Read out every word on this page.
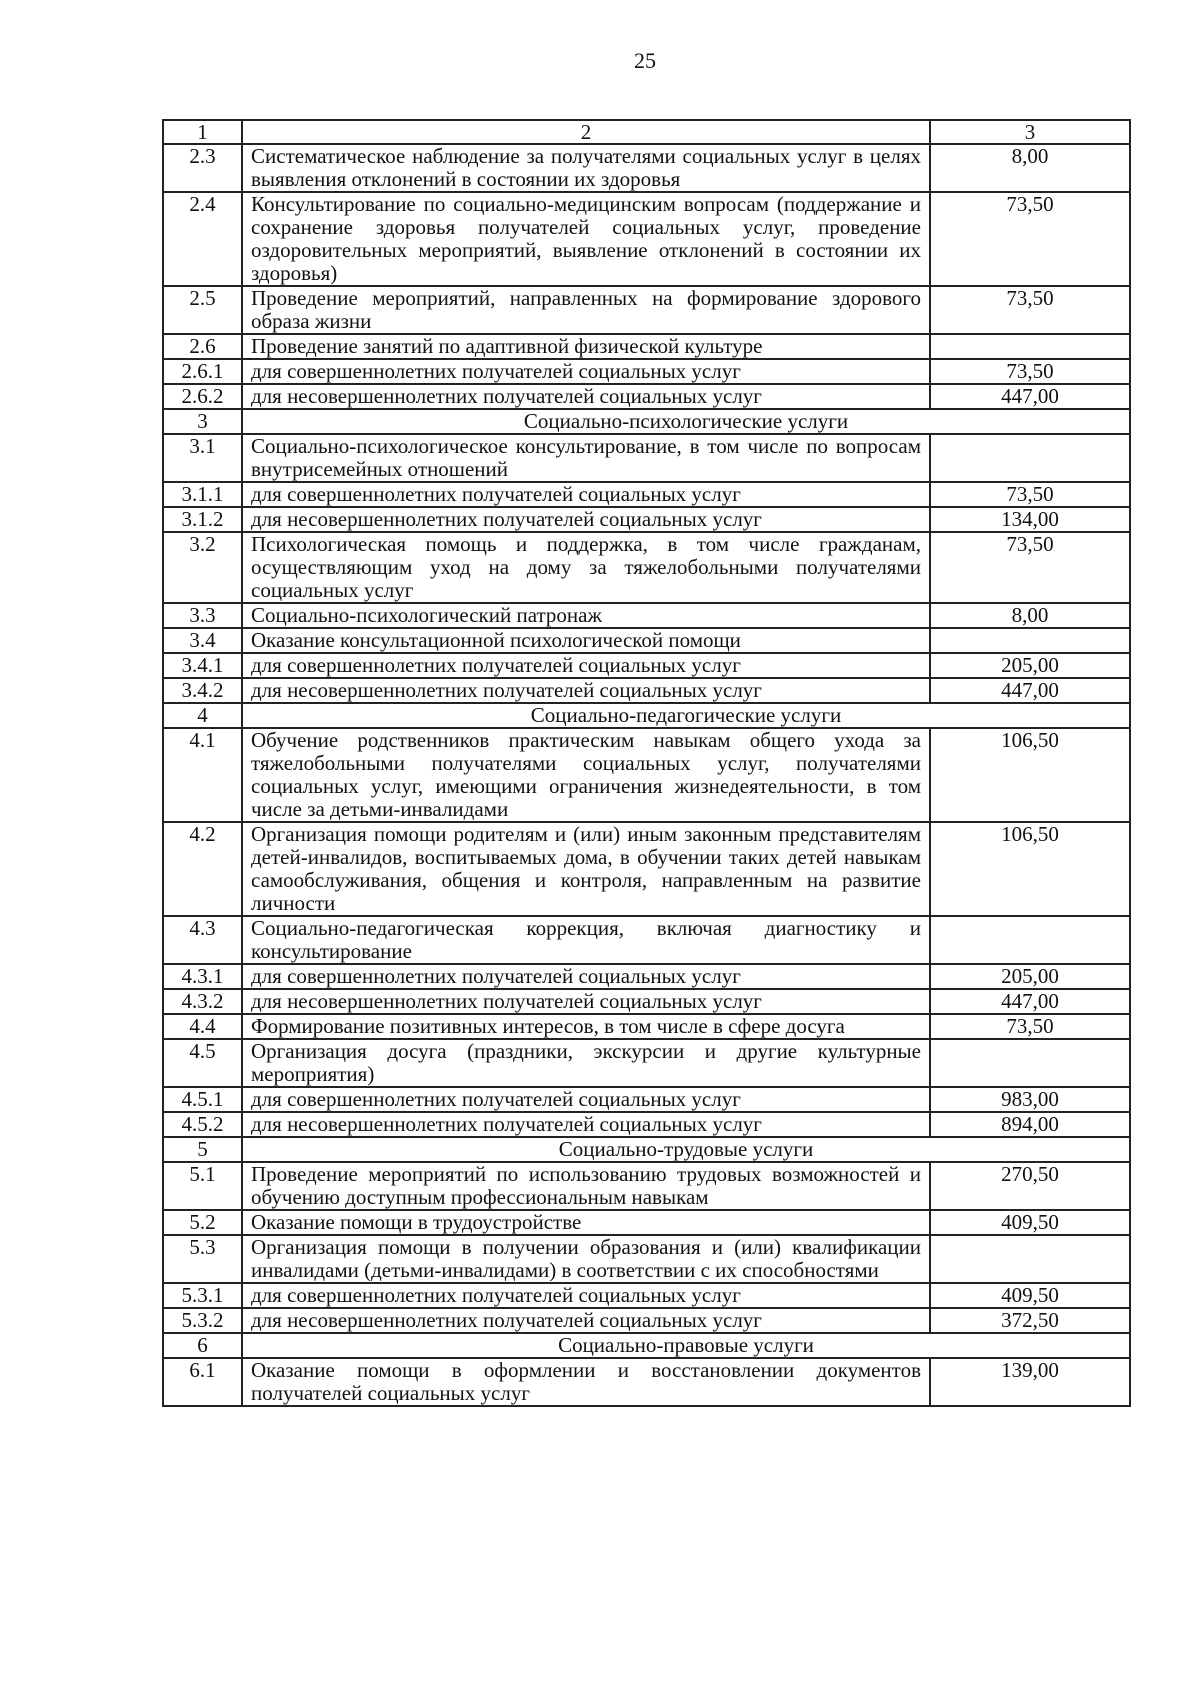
25
1	2	3
2.3	Систематическое наблюдение за получателями социальных услуг в целях выявления отклонений в состоянии их здоровья	8,00
2.4	Консультирование по социально-медицинским вопросам (поддержание и сохранение здоровья получателей социальных услуг, проведение оздоровительных мероприятий, выявление отклонений в состоянии их здоровья)	73,50
2.5	Проведение мероприятий, направленных на формирование здорового образа жизни	73,50
2.6	Проведение занятий по адаптивной физической культуре	
2.6.1	для совершеннолетних получателей социальных услуг	73,50
2.6.2	для несовершеннолетних получателей социальных услуг	447,00
3	Социально-психологические услуги	
3.1	Социально-психологическое консультирование, в том числе по вопросам внутрисемейных отношений	
3.1.1	для совершеннолетних получателей социальных услуг	73,50
3.1.2	для несовершеннолетних получателей социальных услуг	134,00
3.2	Психологическая помощь и поддержка, в том числе гражданам, осуществляющим уход на дому за тяжелобольными получателями социальных услуг	73,50
3.3	Социально-психологический патронаж	8,00
3.4	Оказание консультационной психологической помощи	
3.4.1	для совершеннолетних получателей социальных услуг	205,00
3.4.2	для несовершеннолетних получателей социальных услуг	447,00
4	Социально-педагогические услуги	
4.1	Обучение родственников практическим навыкам общего ухода за тяжелобольными получателями социальных услуг, получателями социальных услуг, имеющими ограничения жизнедеятельности, в том числе за детьми-инвалидами	106,50
4.2	Организация помощи родителям и (или) иным законным представителям детей-инвалидов, воспитываемых дома, в обучении таких детей навыкам самообслуживания, общения и контроля, направленным на развитие личности	106,50
4.3	Социально-педагогическая коррекция, включая диагностику и консультирование	
4.3.1	для совершеннолетних получателей социальных услуг	205,00
4.3.2	для несовершеннолетних получателей социальных услуг	447,00
4.4	Формирование позитивных интересов, в том числе в сфере досуга	73,50
4.5	Организация досуга (праздники, экскурсии и другие культурные мероприятия)	
4.5.1	для совершеннолетних получателей социальных услуг	983,00
4.5.2	для несовершеннолетних получателей социальных услуг	894,00
5	Социально-трудовые услуги	
5.1	Проведение мероприятий по использованию трудовых возможностей и обучению доступным профессиональным навыкам	270,50
5.2	Оказание помощи в трудоустройстве	409,50
5.3	Организация помощи в получении образования и (или) квалификации инвалидами (детьми-инвалидами) в соответствии с их способностями	
5.3.1	для совершеннолетних получателей социальных услуг	409,50
5.3.2	для несовершеннолетних получателей социальных услуг	372,50
6	Социально-правовые услуги	
6.1	Оказание помощи в оформлении и восстановлении документов получателей социальных услуг	139,00
